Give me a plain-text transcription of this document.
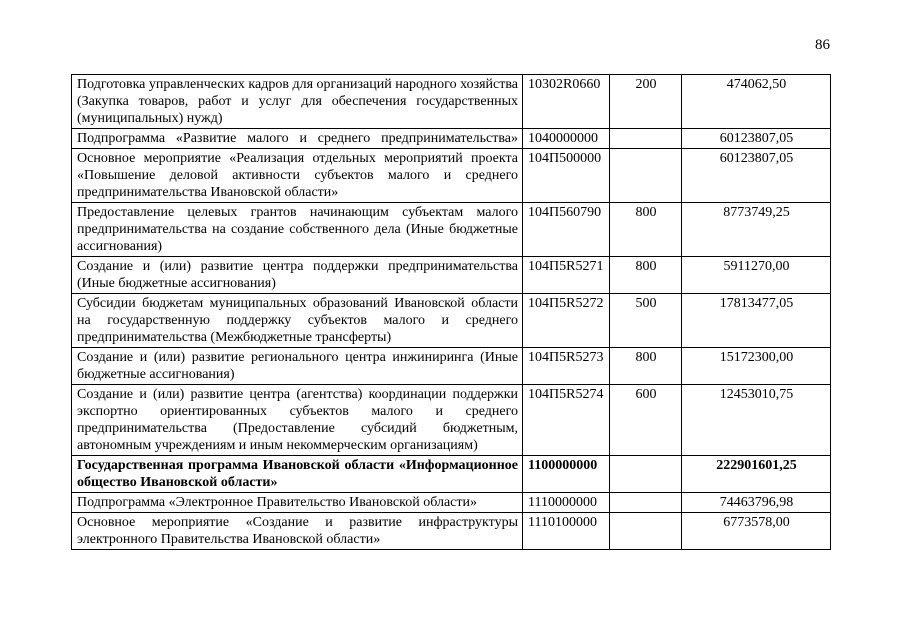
86
Подготовка управленческих кадров для организаций народного хозяйства (Закупка товаров, работ и услуг для обеспечения государственных (муниципальных) нужд)	10302R0660	200	474062,50
Подпрограмма «Развитие малого и среднего предпринимательства»	1040000000		60123807,05
Основное мероприятие «Реализация отдельных мероприятий проекта «Повышение деловой активности субъектов малого и среднего предпринимательства Ивановской области»	104П500000		60123807,05
Предоставление целевых грантов начинающим субъектам малого предпринимательства на создание собственного дела (Иные бюджетные ассигнования)	104П560790	800	8773749,25
Создание и (или) развитие центра поддержки предпринимательства (Иные бюджетные ассигнования)	104П5R5271	800	5911270,00
Субсидии бюджетам муниципальных образований Ивановской области на государственную поддержку субъектов малого и среднего предпринимательства (Межбюджетные трансферты)	104П5R5272	500	17813477,05
Создание и (или) развитие регионального центра инжиниринга (Иные бюджетные ассигнования)	104П5R5273	800	15172300,00
Создание и (или) развитие центра (агентства) координации поддержки экспортно ориентированных субъектов малого и среднего предпринимательства (Предоставление субсидий бюджетным, автономным учреждениям и иным некоммерческим организациям)	104П5R5274	600	12453010,75
Государственная программа Ивановской области «Информационное общество Ивановской области»	1100000000		222901601,25
Подпрограмма «Электронное Правительство Ивановской области»	1110000000		74463796,98
Основное мероприятие «Создание и развитие инфраструктуры электронного Правительства Ивановской области»	1110100000		6773578,00
